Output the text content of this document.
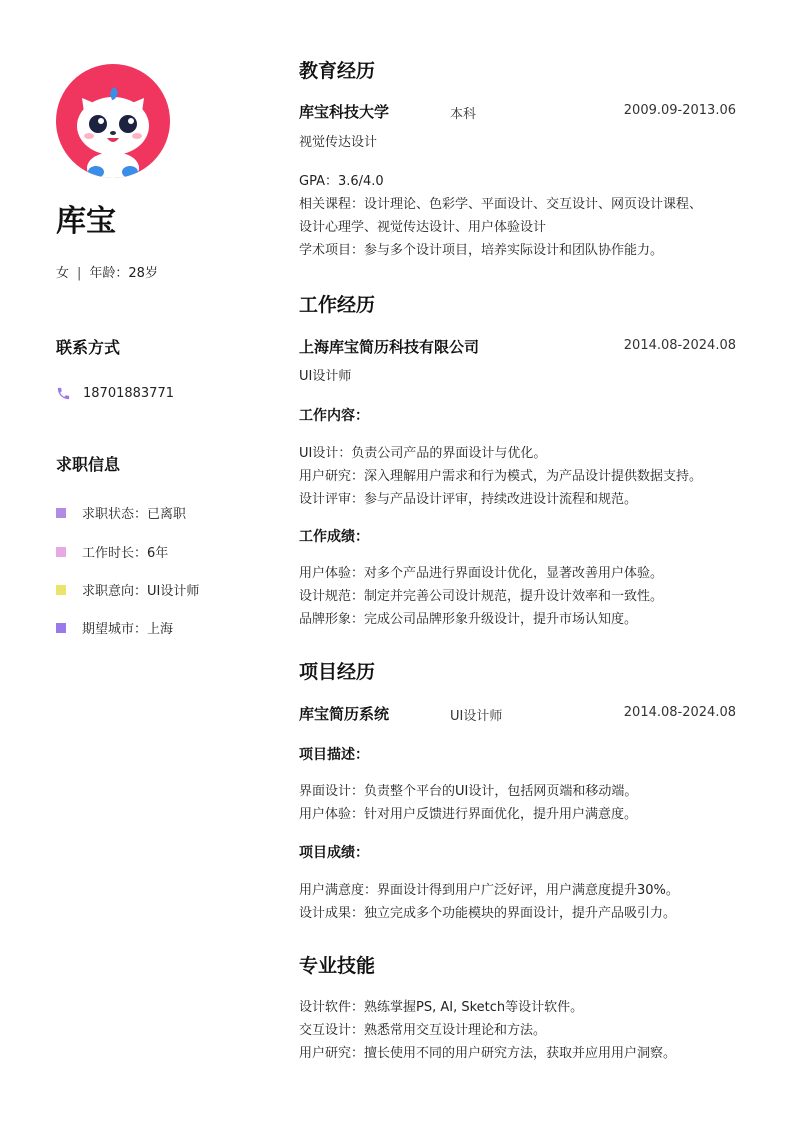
库宝
女 | 年龄：28岁
联系方式
18701883771
求职信息
求职状态：已离职
工作时长：6年
求职意向：UI设计师
期望城市：上海
教育经历
库宝科技大学	本科	2009.09-2013.06
视觉传达设计
GPA：3.6/4.0
相关课程：设计理论、色彩学、平面设计、交互设计、网页设计课程、
设计心理学、视觉传达设计、用户体验设计
学术项目：参与多个设计项目，培养实际设计和团队协作能力。
工作经历
上海库宝简历科技有限公司	2014.08-2024.08
UI设计师
工作内容：
UI设计：负责公司产品的界面设计与优化。
用户研究：深入理解用户需求和行为模式，为产品设计提供数据支持。
设计评审：参与产品设计评审，持续改进设计流程和规范。
工作成绩：
用户体验：对多个产品进行界面设计优化，显著改善用户体验。
设计规范：制定并完善公司设计规范，提升设计效率和一致性。
品牌形象：完成公司品牌形象升级设计，提升市场认知度。
项目经历
库宝简历系统	UI设计师	2014.08-2024.08
项目描述：
界面设计：负责整个平台的UI设计，包括网页端和移动端。
用户体验：针对用户反馈进行界面优化，提升用户满意度。
项目成绩：
用户满意度：界面设计得到用户广泛好评，用户满意度提升30%。
设计成果：独立完成多个功能模块的界面设计，提升产品吸引力。
专业技能
设计软件：熟练掌握PS, AI, Sketch等设计软件。
交互设计：熟悉常用交互设计理论和方法。
用户研究：擅长使用不同的用户研究方法，获取并应用用户洞察。
